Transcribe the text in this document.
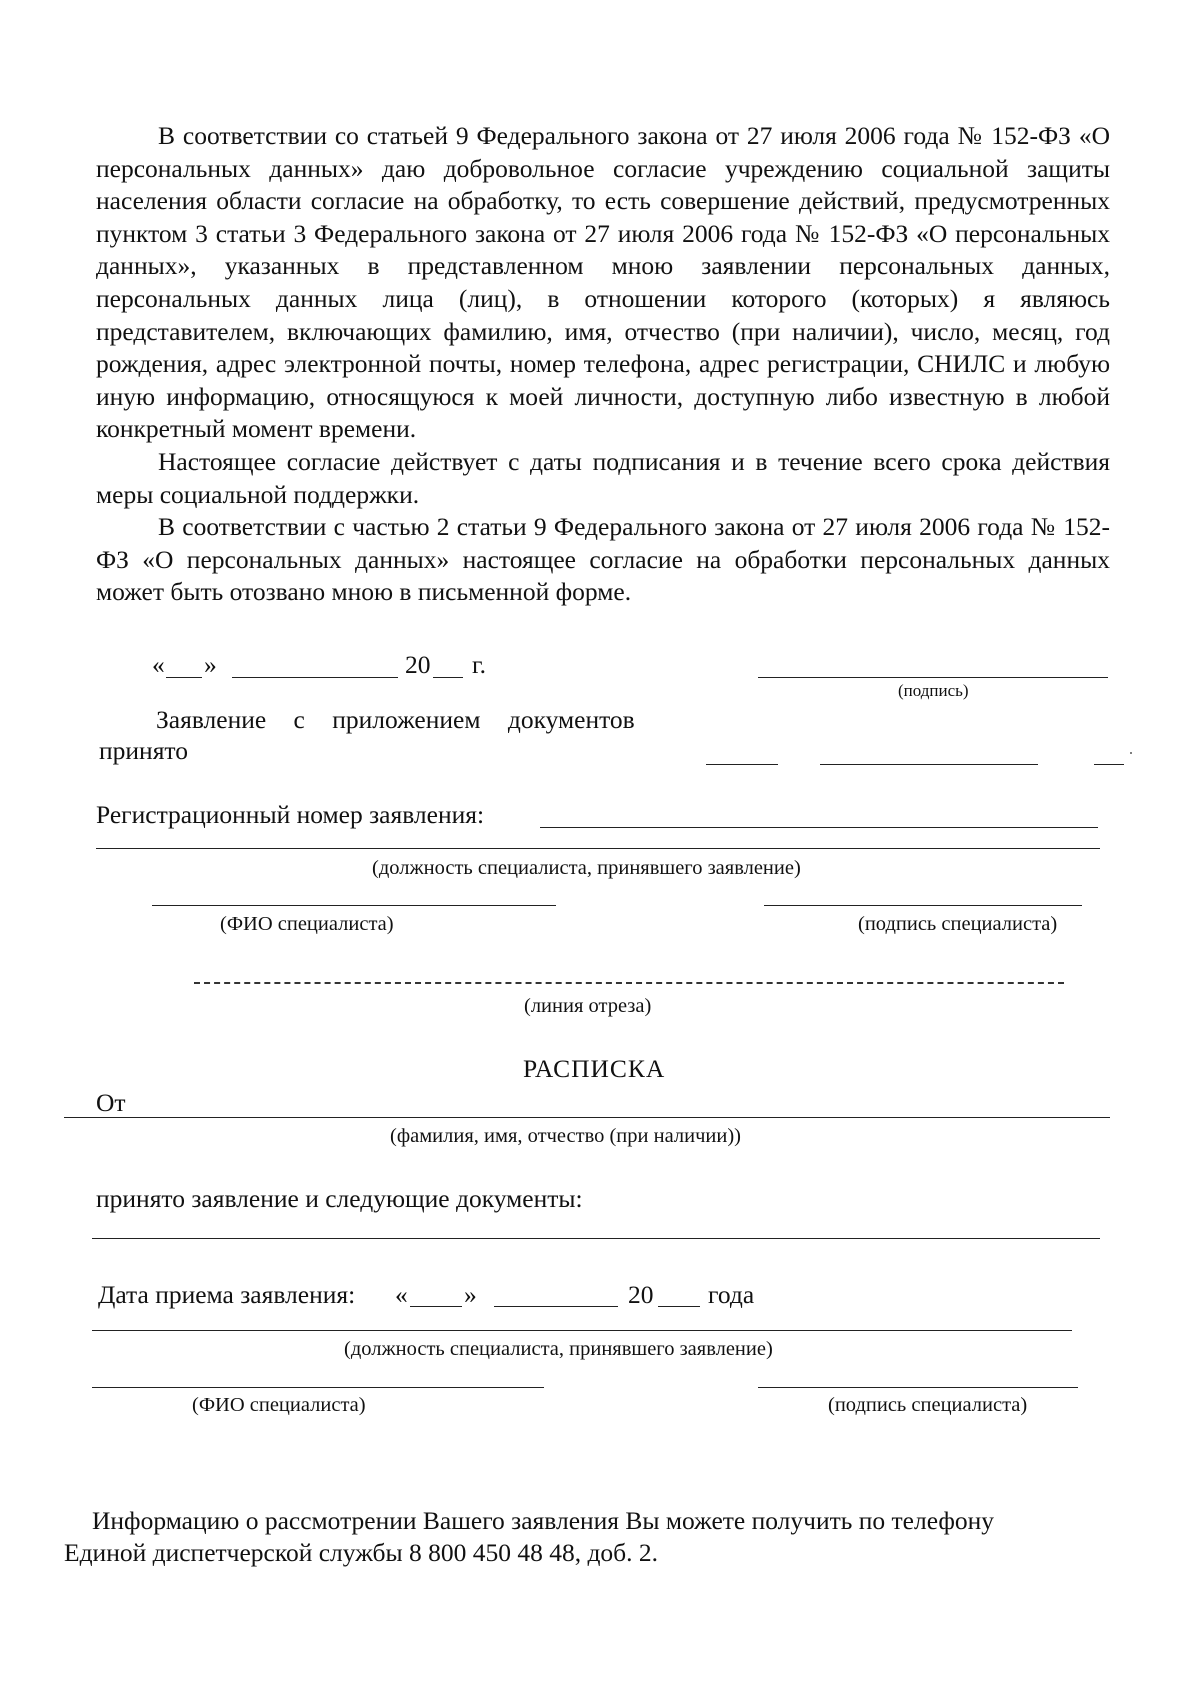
В соответствии со статьей 9 Федерального закона от 27 июля 2006 года № 152-ФЗ «О персональных данных» даю добровольное согласие учреждению социальной защиты населения области согласие на обработку, то есть совершение действий, предусмотренных пунктом 3 статьи 3 Федерального закона от 27 июля 2006 года № 152-ФЗ «О персональных данных», указанных в представленном мною заявлении персональных данных, персональных данных лица (лиц), в отношении которого (которых) я являюсь представителем, включающих фамилию, имя, отчество (при наличии), число, месяц, год рождения, адрес электронной почты, номер телефона, адрес регистрации, СНИЛС и любую иную информацию, относящуюся к моей личности, доступную либо известную в любой конкретный момент времени.

Настоящее согласие действует с даты подписания и в течение всего срока действия меры социальной поддержки.

В соответствии с частью 2 статьи 9 Федерального закона от 27 июля 2006 года № 152-ФЗ «О персональных данных» настоящее согласие на обработки персональных данных может быть отозвано мною в письменной форме.

« »	20 г.
(подпись)
Заявление с приложением документов
принято
Регистрационный номер заявления:
(должность специалиста, принявшего заявление)
(ФИО специалиста)	(подпись специалиста)
(линия отреза)
РАСПИСКА
От
(фамилия, имя, отчество (при наличии))
принято заявление и следующие документы:
Дата приема заявления: « »	20 года
(должность специалиста, принявшего заявление)
(ФИО специалиста)	(подпись специалиста)
Информацию о рассмотрении Вашего заявления Вы можете получить по телефону
Единой диспетчерской службы 8 800 450 48 48, доб. 2.
